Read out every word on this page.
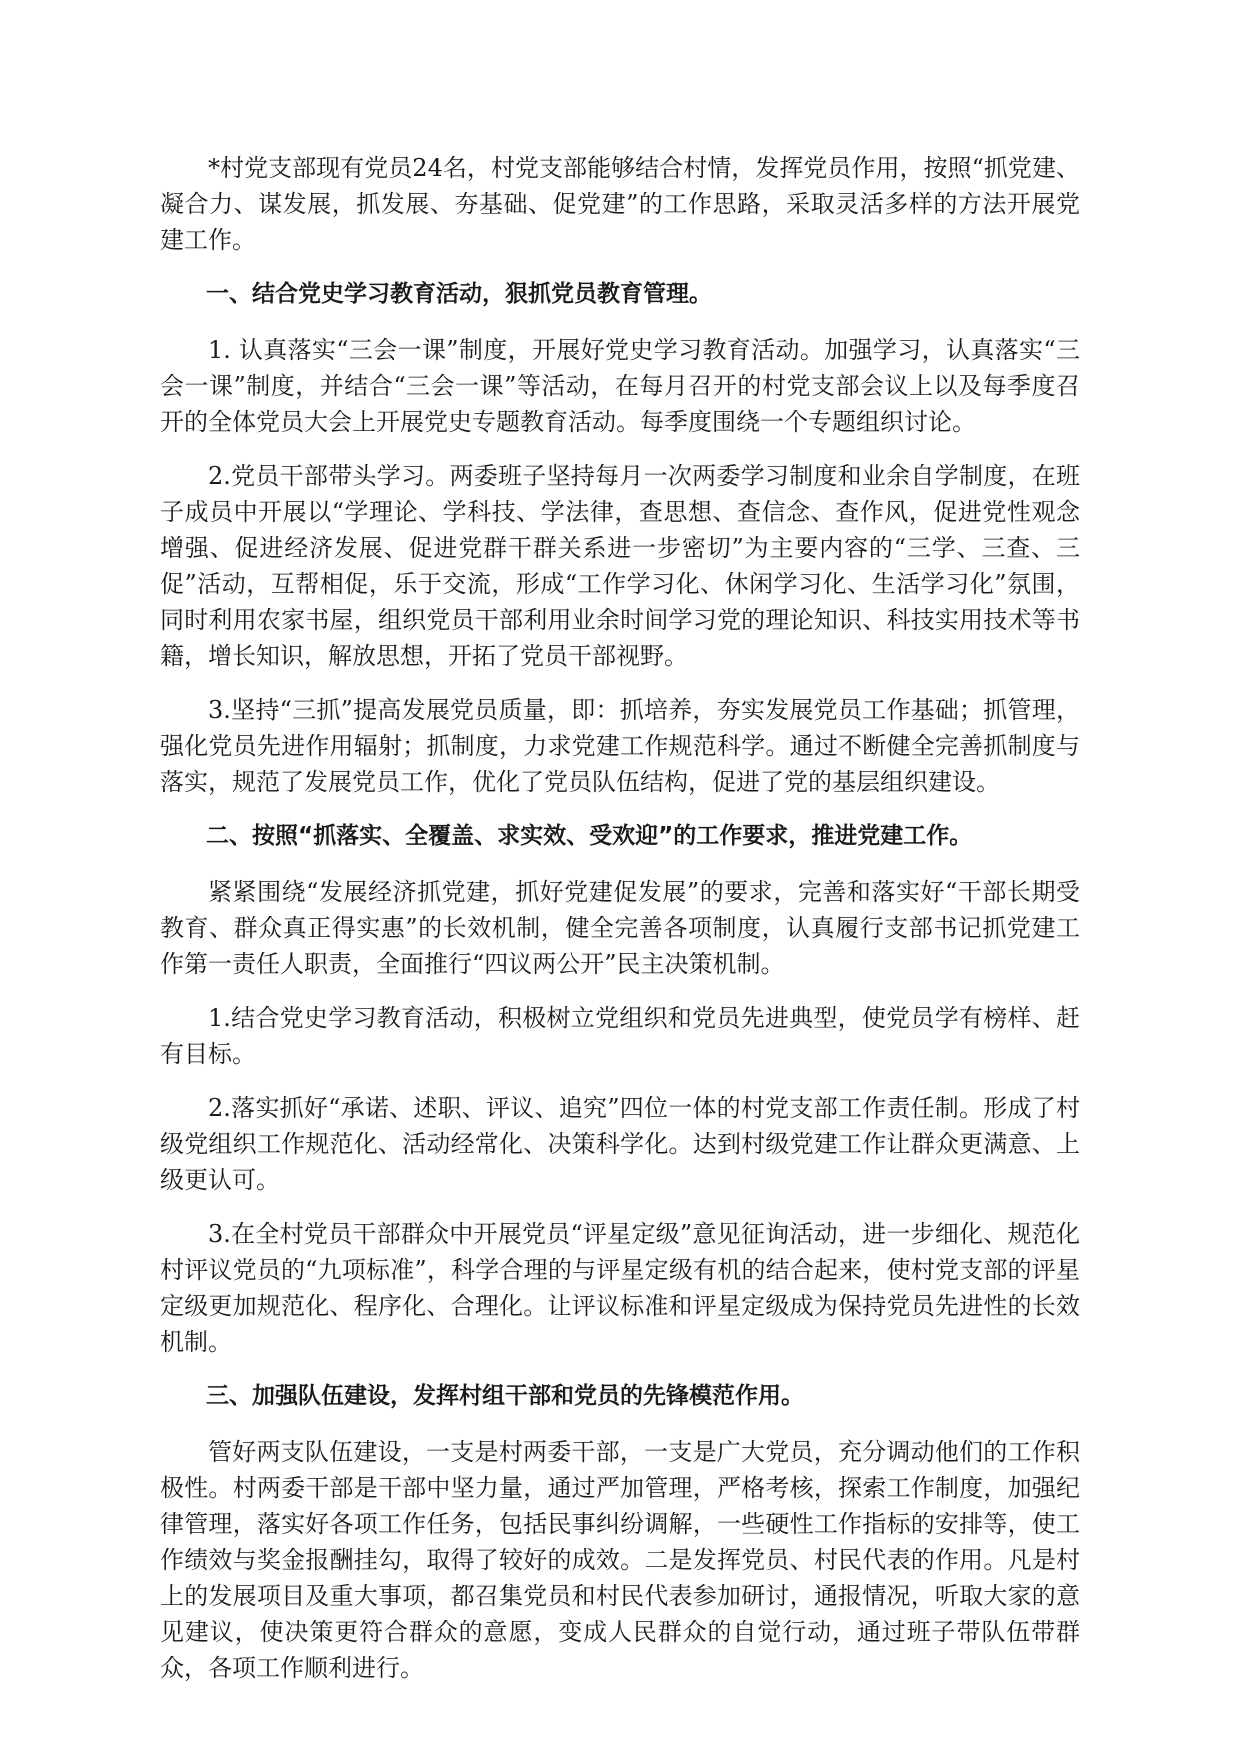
*村党支部现有党员24名，村党支部能够结合村情，发挥党员作用，按照“抓党建、凝合力、谋发展，抓发展、夯基础、促党建”的工作思路，采取灵活多样的方法开展党建工作。

一、结合党史学习教育活动，狠抓党员教育管理。

1. 认真落实“三会一课”制度，开展好党史学习教育活动。加强学习，认真落实“三会一课”制度，并结合“三会一课”等活动，在每月召开的村党支部会议上以及每季度召开的全体党员大会上开展党史专题教育活动。每季度围绕一个专题组织讨论。

2.党员干部带头学习。两委班子坚持每月一次两委学习制度和业余自学制度，在班子成员中开展以“学理论、学科技、学法律，查思想、查信念、查作风，促进党性观念增强、促进经济发展、促进党群干群关系进一步密切”为主要内容的“三学、三查、三促”活动，互帮相促，乐于交流，形成“工作学习化、休闲学习化、生活学习化”氛围，同时利用农家书屋，组织党员干部利用业余时间学习党的理论知识、科技实用技术等书籍，增长知识，解放思想，开拓了党员干部视野。

3.坚持“三抓”提高发展党员质量，即：抓培养，夯实发展党员工作基础；抓管理，强化党员先进作用辐射；抓制度，力求党建工作规范科学。通过不断健全完善抓制度与落实，规范了发展党员工作，优化了党员队伍结构，促进了党的基层组织建设。

二、按照“抓落实、全覆盖、求实效、受欢迎”的工作要求，推进党建工作。

紧紧围绕“发展经济抓党建，抓好党建促发展”的要求，完善和落实好“干部长期受教育、群众真正得实惠”的长效机制，健全完善各项制度，认真履行支部书记抓党建工作第一责任人职责，全面推行“四议两公开”民主决策机制。

1.结合党史学习教育活动，积极树立党组织和党员先进典型，使党员学有榜样、赶有目标。

2.落实抓好“承诺、述职、评议、追究”四位一体的村党支部工作责任制。形成了村级党组织工作规范化、活动经常化、决策科学化。达到村级党建工作让群众更满意、上级更认可。

3.在全村党员干部群众中开展党员“评星定级”意见征询活动，进一步细化、规范化村评议党员的“九项标准”，科学合理的与评星定级有机的结合起来，使村党支部的评星定级更加规范化、程序化、合理化。让评议标准和评星定级成为保持党员先进性的长效机制。

三、加强队伍建设，发挥村组干部和党员的先锋模范作用。

管好两支队伍建设，一支是村两委干部，一支是广大党员，充分调动他们的工作积极性。村两委干部是干部中坚力量，通过严加管理，严格考核，探索工作制度，加强纪律管理，落实好各项工作任务，包括民事纠纷调解，一些硬性工作指标的安排等，使工作绩效与奖金报酬挂勾，取得了较好的成效。二是发挥党员、村民代表的作用。凡是村上的发展项目及重大事项，都召集党员和村民代表参加研讨，通报情况，听取大家的意见建议，使决策更符合群众的意愿，变成人民群众的自觉行动，通过班子带队伍带群众，各项工作顺利进行。
